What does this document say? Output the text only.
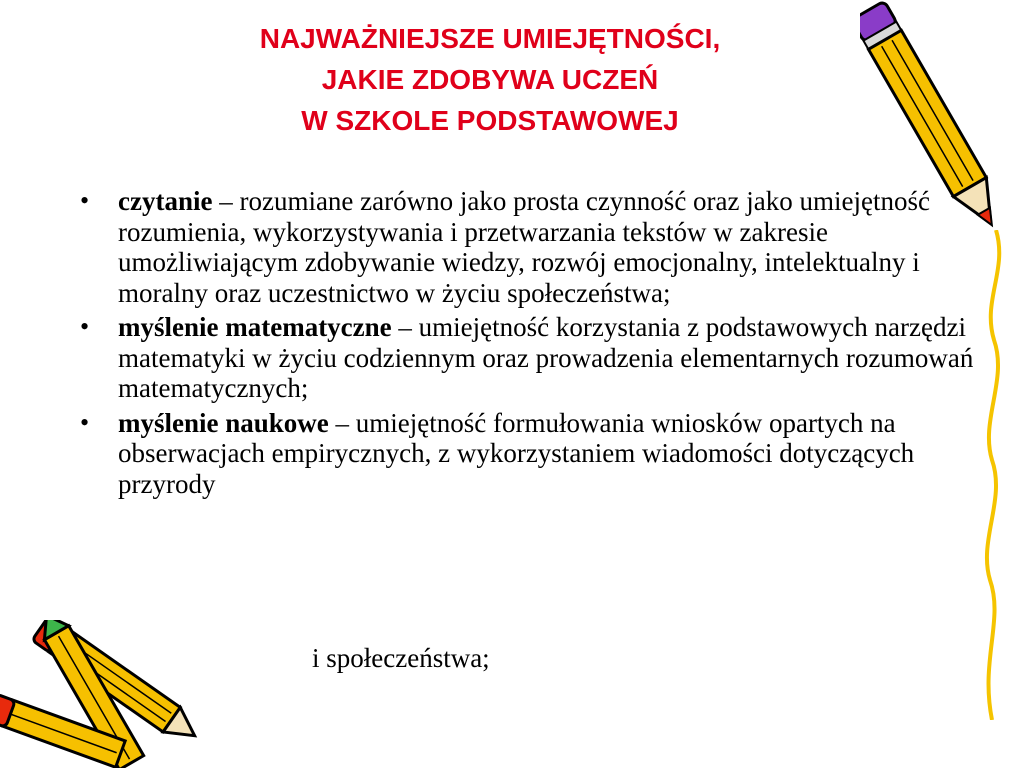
NAJWAŻNIEJSZE UMIEJĘTNOŚCI,
JAKIE ZDOBYWA UCZEŃ
W SZKOLE PODSTAWOWEJ
• czytanie – rozumiane zarówno jako prosta czynność oraz jako umiejętność rozumienia, wykorzystywania i przetwarzania tekstów w zakresie umożliwiającym zdobywanie wiedzy, rozwój emocjonalny, intelektualny i moralny oraz uczestnictwo w życiu społeczeństwa;
• myślenie matematyczne – umiejętność korzystania z podstawowych narzędzi matematyki w życiu codziennym oraz prowadzenia elementarnych rozumowań matematycznych;
• myślenie naukowe – umiejętność formułowania wniosków opartych na obserwacjach empirycznych, z wykorzystaniem wiadomości dotyczących przyrody
i społeczeństwa;
